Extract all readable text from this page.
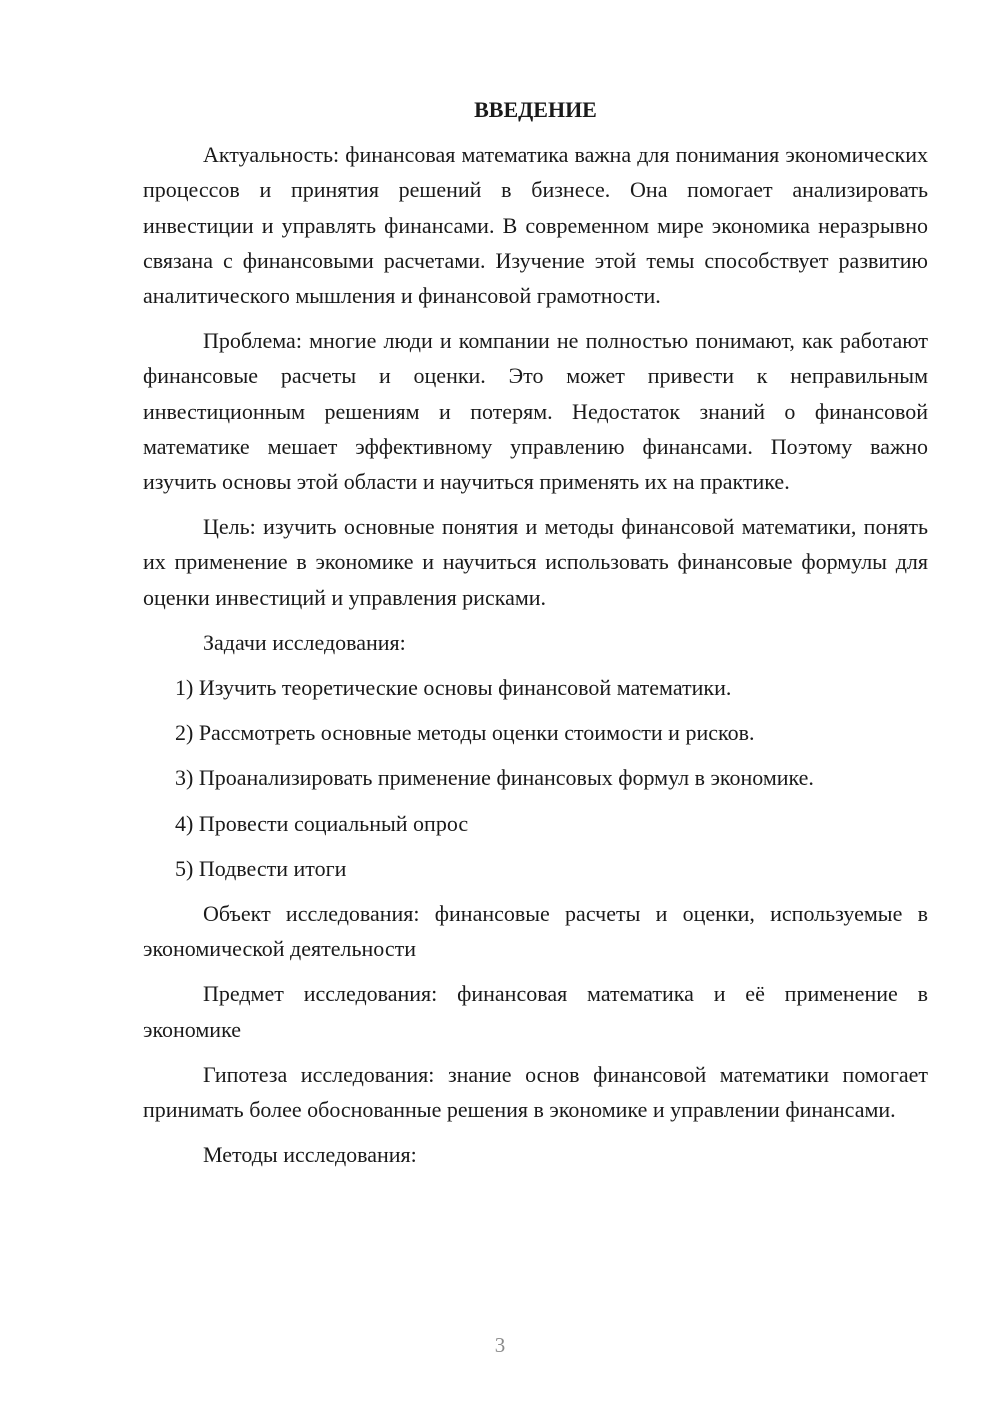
ВВЕДЕНИЕ

Актуальность: финансовая математика важна для понимания экономических процессов и принятия решений в бизнесе. Она помогает анализировать инвестиции и управлять финансами. В современном мире экономика неразрывно связана с финансовыми расчетами. Изучение этой темы способствует развитию аналитического мышления и финансовой грамотности.

Проблема: многие люди и компании не полностью понимают, как работают финансовые расчеты и оценки. Это может привести к неправильным инвестиционным решениям и потерям. Недостаток знаний о финансовой математике мешает эффективному управлению финансами. Поэтому важно изучить основы этой области и научиться применять их на практике.

Цель: изучить основные понятия и методы финансовой математики, понять их применение в экономике и научиться использовать финансовые формулы для оценки инвестиций и управления рисками.

Задачи исследования:

1) Изучить теоретические основы финансовой математики.
2) Рассмотреть основные методы оценки стоимости и рисков.
3) Проанализировать применение финансовых формул в экономике.
4) Провести социальный опрос
5) Подвести итоги

Объект исследования: финансовые расчеты и оценки, используемые в экономической деятельности

Предмет исследования: финансовая математика и её применение в экономике

Гипотеза исследования: знание основ финансовой математики помогает принимать более обоснованные решения в экономике и управлении финансами.

Методы исследования:

3
